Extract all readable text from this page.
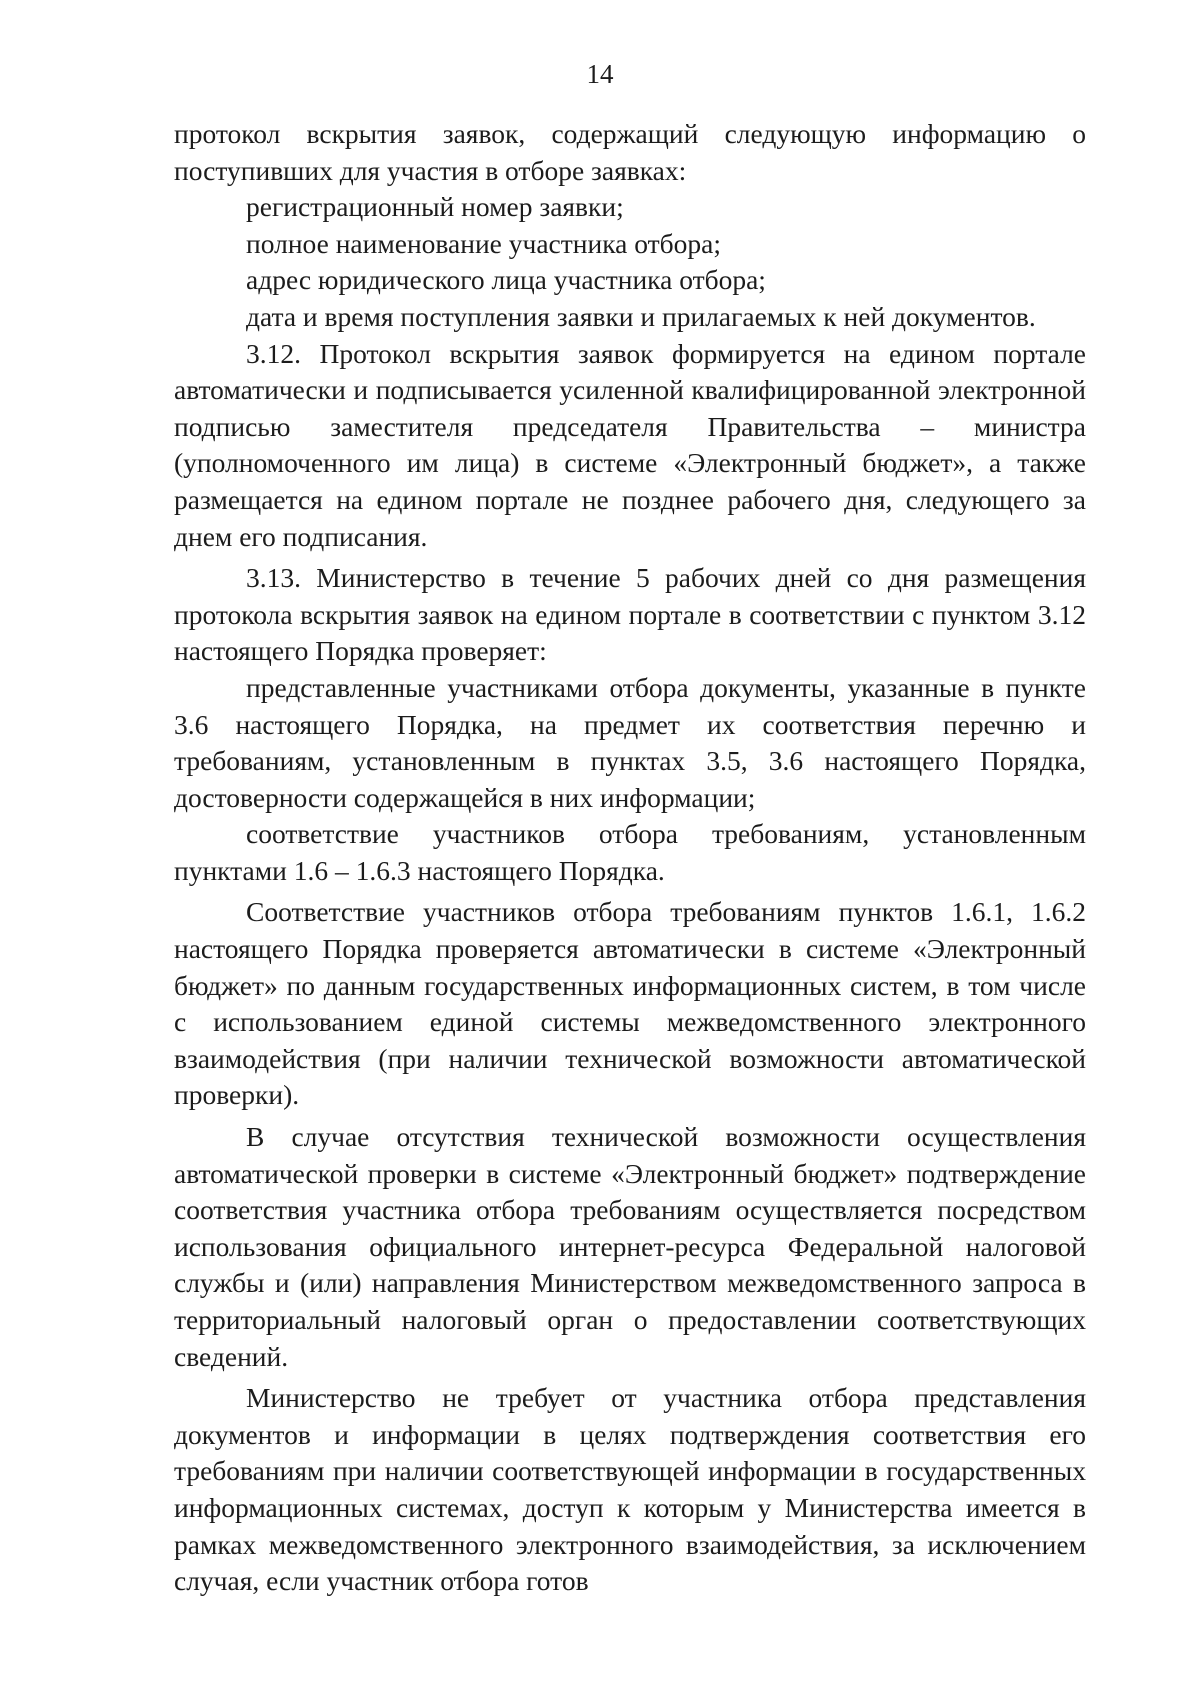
14

протокол вскрытия заявок, содержащий следующую информацию о поступивших для участия в отборе заявках:

регистрационный номер заявки;

полное наименование участника отбора;

адрес юридического лица участника отбора;

дата и время поступления заявки и прилагаемых к ней документов.

3.12. Протокол вскрытия заявок формируется на едином портале автоматически и подписывается усиленной квалифицированной электронной подписью заместителя председателя Правительства – министра (уполномоченного им лица) в системе «Электронный бюджет», а также размещается на едином портале не позднее рабочего дня, следующего за днем его подписания.

3.13. Министерство в течение 5 рабочих дней со дня размещения протокола вскрытия заявок на едином портале в соответствии с пунктом 3.12 настоящего Порядка проверяет:

представленные участниками отбора документы, указанные в пункте 3.6 настоящего Порядка, на предмет их соответствия перечню и требованиям, установленным в пунктах 3.5, 3.6 настоящего Порядка, достоверности содержащейся в них информации;

соответствие участников отбора требованиям, установленным пунктами 1.6 – 1.6.3 настоящего Порядка.

Соответствие участников отбора требованиям пунктов 1.6.1, 1.6.2 настоящего Порядка проверяется автоматически в системе «Электронный бюджет» по данным государственных информационных систем, в том числе с использованием единой системы межведомственного электронного взаимодействия (при наличии технической возможности автоматической проверки).

В случае отсутствия технической возможности осуществления автоматической проверки в системе «Электронный бюджет» подтверждение соответствия участника отбора требованиям осуществляется посредством использования официального интернет-ресурса Федеральной налоговой службы и (или) направления Министерством межведомственного запроса в территориальный налоговый орган о предоставлении соответствующих сведений.

Министерство не требует от участника отбора представления документов и информации в целях подтверждения соответствия его требованиям при наличии соответствующей информации в государственных информационных системах, доступ к которым у Министерства имеется в рамках межведомственного электронного взаимодействия, за исключением случая, если участник отбора готов
